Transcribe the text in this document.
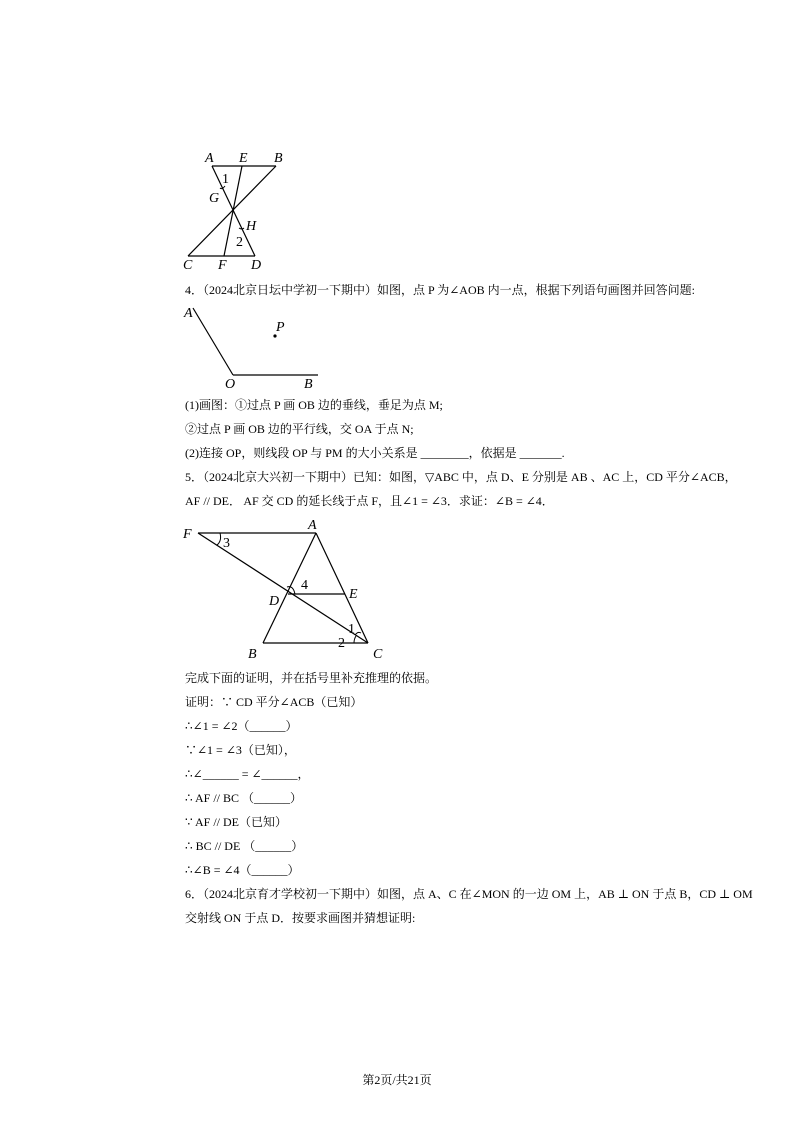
A E B
1
G
H
2
C F D
4．（2024北京日坛中学初一下期中）如图，点 P 为∠AOB 内一点，根据下列语句画图并回答问题:
A
P
O	B
(1)画图：①过点 P 画 OB 边的垂线，垂足为点 M;
②过点 P 画 OB 边的平行线，交 OA 于点 N;
(2)连接 OP，则线段 OP 与 PM 的大小关系是 ________，依据是 _______.
5．（2024北京大兴初一下期中）已知：如图，▽ABC 中，点 D、E 分别是 AB 、AC 上，CD 平分∠ACB，
AF // DE． AF 交 CD 的延长线于点 F，且∠1 = ∠3．求证：∠B = ∠4．
F
3
A
4
E
D
1
2
B	C
完成下面的证明，并在括号里补充推理的依据。
证明：∵ CD 平分∠ACB（已知）
∴∠1 = ∠2（______）
∵∠1 = ∠3（已知），
∴∠______ = ∠______，
∴ AF // BC （______）
∵ AF // DE（已知）
∴ BC // DE （______）
∴∠B = ∠4（______）
6．（2024北京育才学校初一下期中）如图，点 A、C 在∠MON 的一边 OM 上，AB ⊥ ON 于点 B，CD ⊥ OM
交射线 ON 于点 D．按要求画图并猜想证明:
第2页/共21页
